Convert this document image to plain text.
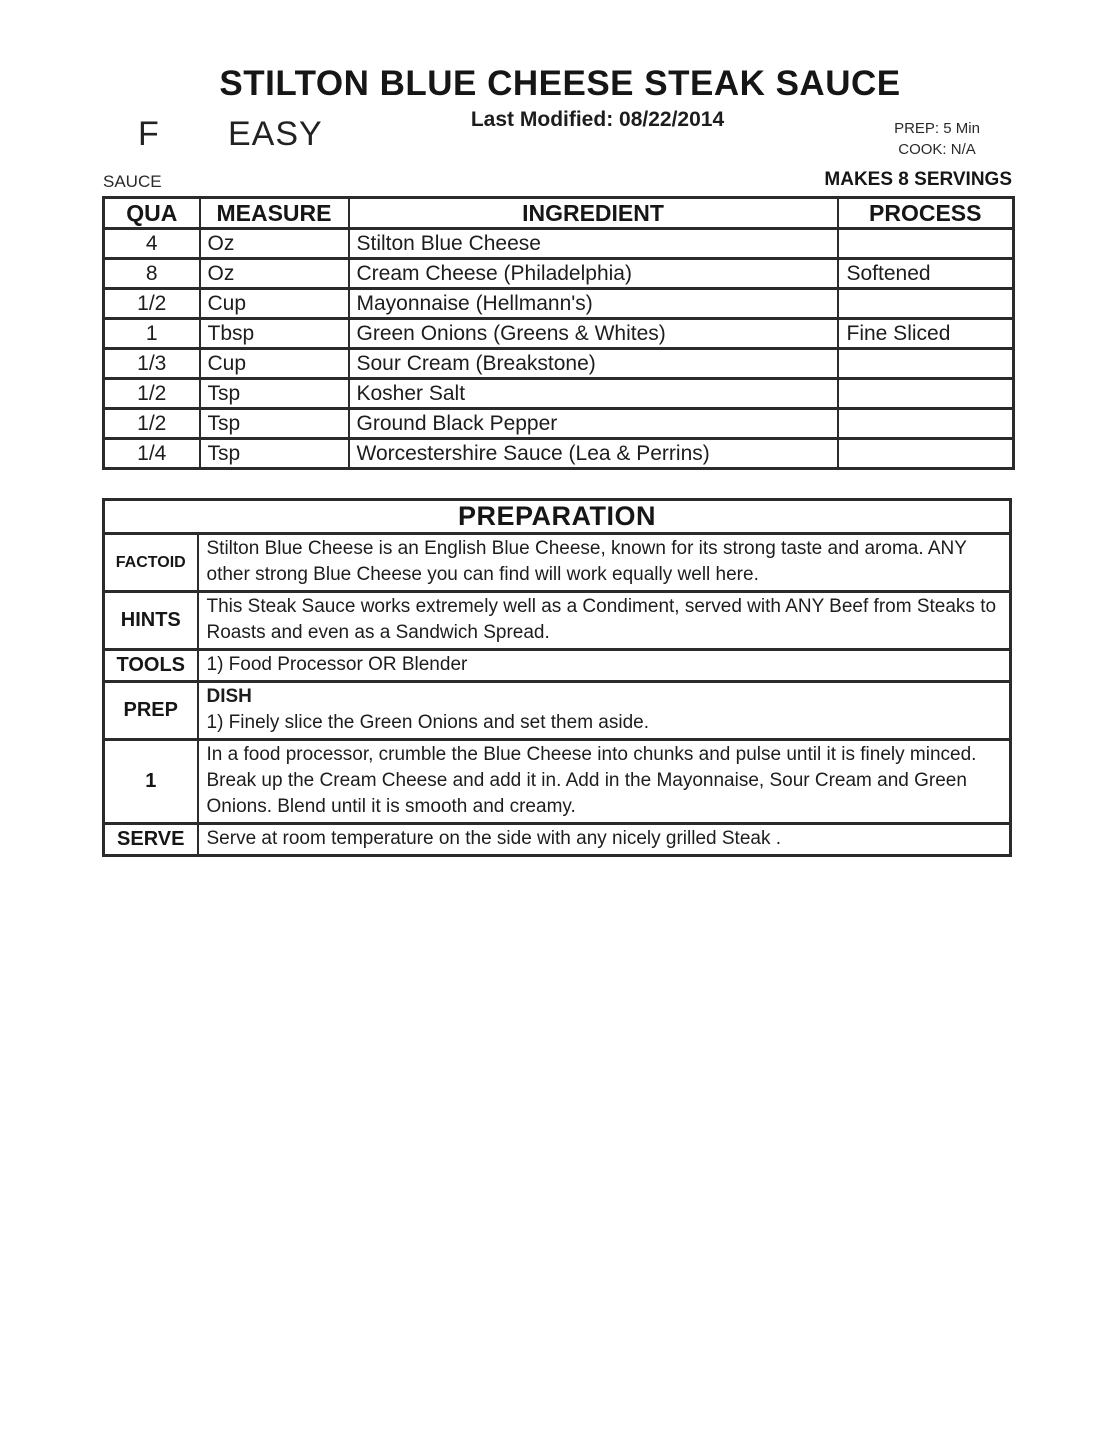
STILTON BLUE CHEESE STEAK SAUCE
Last Modified: 08/22/2014
F EASY	PREP: 5 Min
COOK: N/A
SAUCE	MAKES 8 SERVINGS
QUA	MEASURE	INGREDIENT	PROCESS
4	Oz	Stilton Blue Cheese	
8	Oz	Cream Cheese (Philadelphia)	Softened
1/2	Cup	Mayonnaise (Hellmann's)	
1	Tbsp	Green Onions (Greens & Whites)	Fine Sliced
1/3	Cup	Sour Cream (Breakstone)	
1/2	Tsp	Kosher Salt	
1/2	Tsp	Ground Black Pepper	
1/4	Tsp	Worcestershire Sauce (Lea & Perrins)	
PREPARATION	
FACTOID	Stilton Blue Cheese is an English Blue Cheese, known for its strong taste and aroma. ANY other strong Blue Cheese you can find will work equally well here.
HINTS	This Steak Sauce works extremely well as a Condiment, served with ANY Beef from Steaks to Roasts and even as a Sandwich Spread.
TOOLS	1) Food Processor OR Blender
PREP	DISH
1) Finely slice the Green Onions and set them aside.

1	In a food processor, crumble the Blue Cheese into chunks and pulse until it is finely minced. Break up the Cream Cheese and add it in. Add in the Mayonnaise, Sour Cream and Green Onions. Blend until it is smooth and creamy.
SERVE	Serve at room temperature on the side with any nicely grilled Steak .
